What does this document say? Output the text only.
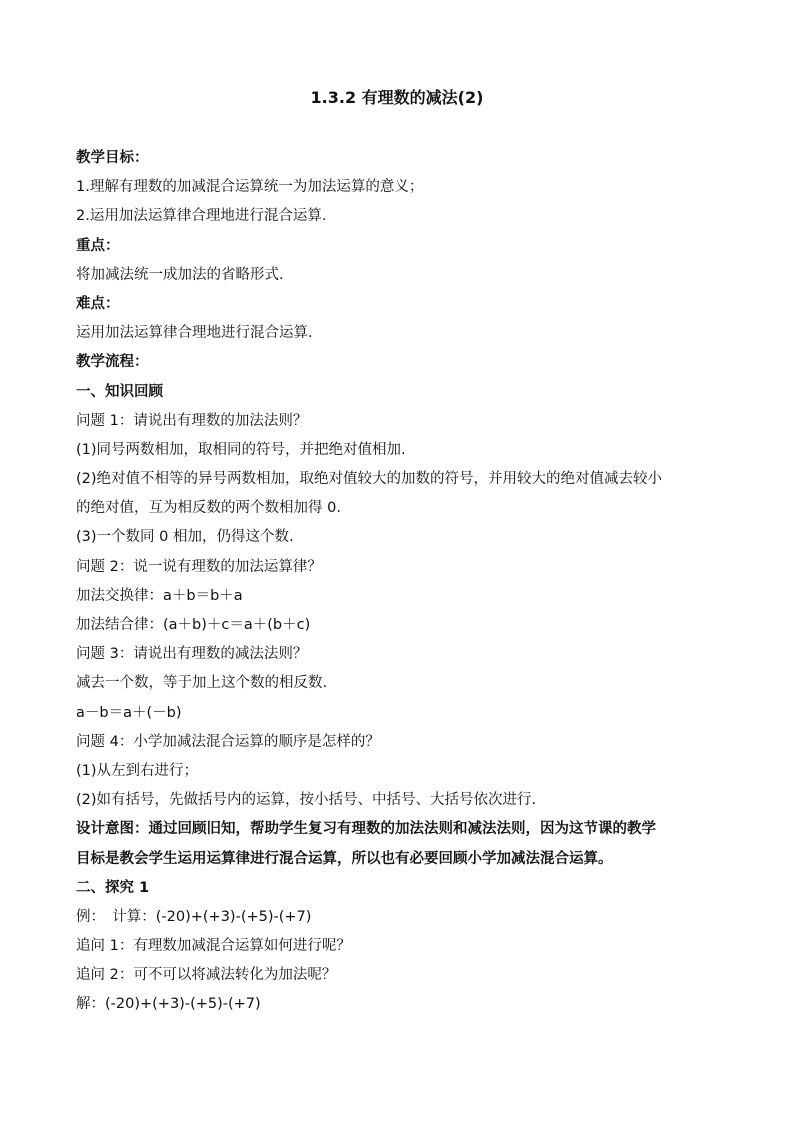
1.3.2 有理数的减法(2)
教学目标：
1.理解有理数的加减混合运算统一为加法运算的意义；
2.运用加法运算律合理地进行混合运算.
重点：
将加减法统一成加法的省略形式.
难点：
运用加法运算律合理地进行混合运算.
教学流程：
一、知识回顾
问题 1：请说出有理数的加法法则？
(1)同号两数相加，取相同的符号，并把绝对值相加.
(2)绝对值不相等的异号两数相加，取绝对值较大的加数的符号，并用较大的绝对值减去较小
的绝对值，互为相反数的两个数相加得 0.
(3)一个数同 0 相加，仍得这个数.
问题 2：说一说有理数的加法运算律？
加法交换律：a＋b＝b＋a
加法结合律：(a＋b)＋c＝a＋(b＋c)
问题 3：请说出有理数的减法法则？
减去一个数，等于加上这个数的相反数.
a－b＝a＋(－b)
问题 4：小学加减法混合运算的顺序是怎样的？
(1)从左到右进行；
(2)如有括号，先做括号内的运算，按小括号、中括号、大括号依次进行.
设计意图：通过回顾旧知，帮助学生复习有理数的加法法则和减法法则，因为这节课的教学
目标是教会学生运用运算律进行混合运算，所以也有必要回顾小学加减法混合运算。
二、探究 1
例：　计算：(-20)+(+3)-(+5)-(+7)
追问 1：有理数加减混合运算如何进行呢？
追问 2：可不可以将减法转化为加法呢？
解：(-20)+(+3)-(+5)-(+7)
